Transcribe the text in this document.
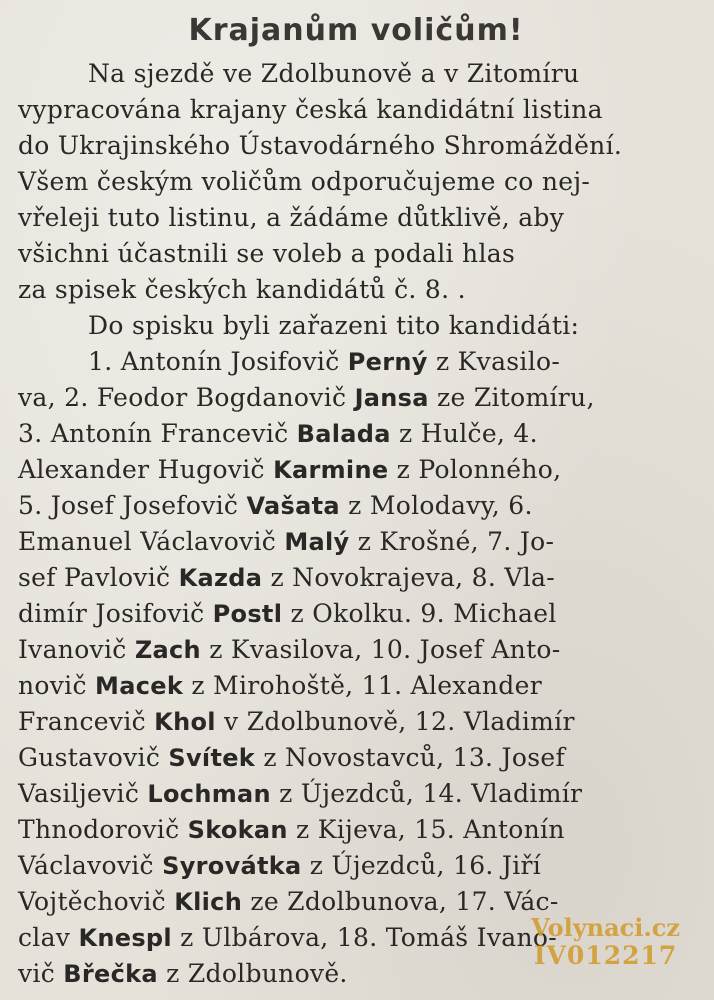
Krajanům voličům!

Na sjezdě ve Zdolbunově a v Zitomíru
vypracována krajany česká kandidátní listina
do Ukrajinského Ústavodárného Shromáždění.
Všem českým voličům odporučujeme co nej-
vřeleji tuto listinu, a žádáme důtklivě, aby
všichni účastnili se voleb a podali hlas
za spisek českých kandidátů č. 8. .

Do spisku byli zařazeni tito kandidáti:

1. Antonín Josifovič Perný z Kvasilo-
va, 2. Feodor Bogdanovič Jansa ze Zitomíru,
3. Antonín Francevič Balada z Hulče, 4.
Alexander Hugovič Karmine z Polonného,
5. Josef Josefovič Vašata z Molodavy, 6.
Emanuel Václavovič Malý z Krošné, 7. Jo-
sef Pavlovič Kazda z Novokrajeva, 8. Vla-
dimír Josifovič Postl z Okolku. 9. Michael
Ivanovič Zach z Kvasilova, 10. Josef Anto-
novič Macek z Mirohoště, 11. Alexander
Francevič Khol v Zdolbunově, 12. Vladimír
Gustavovič Svítek z Novostavců, 13. Josef
Vasiljevič Lochman z Újezdců, 14. Vladimír
Thnodorovič Skokan z Kijeva, 15. Antonín
Václavovič Syrovátka z Újezdců, 16. Jiří
Vojtěchovič Klich ze Zdolbunova, 17. Vác-
clav Knespl z Ulbárova, 18. Tomáš Ivano-
vič Břečka z Zdolbunově.

Volynaci.cz
IV012217
